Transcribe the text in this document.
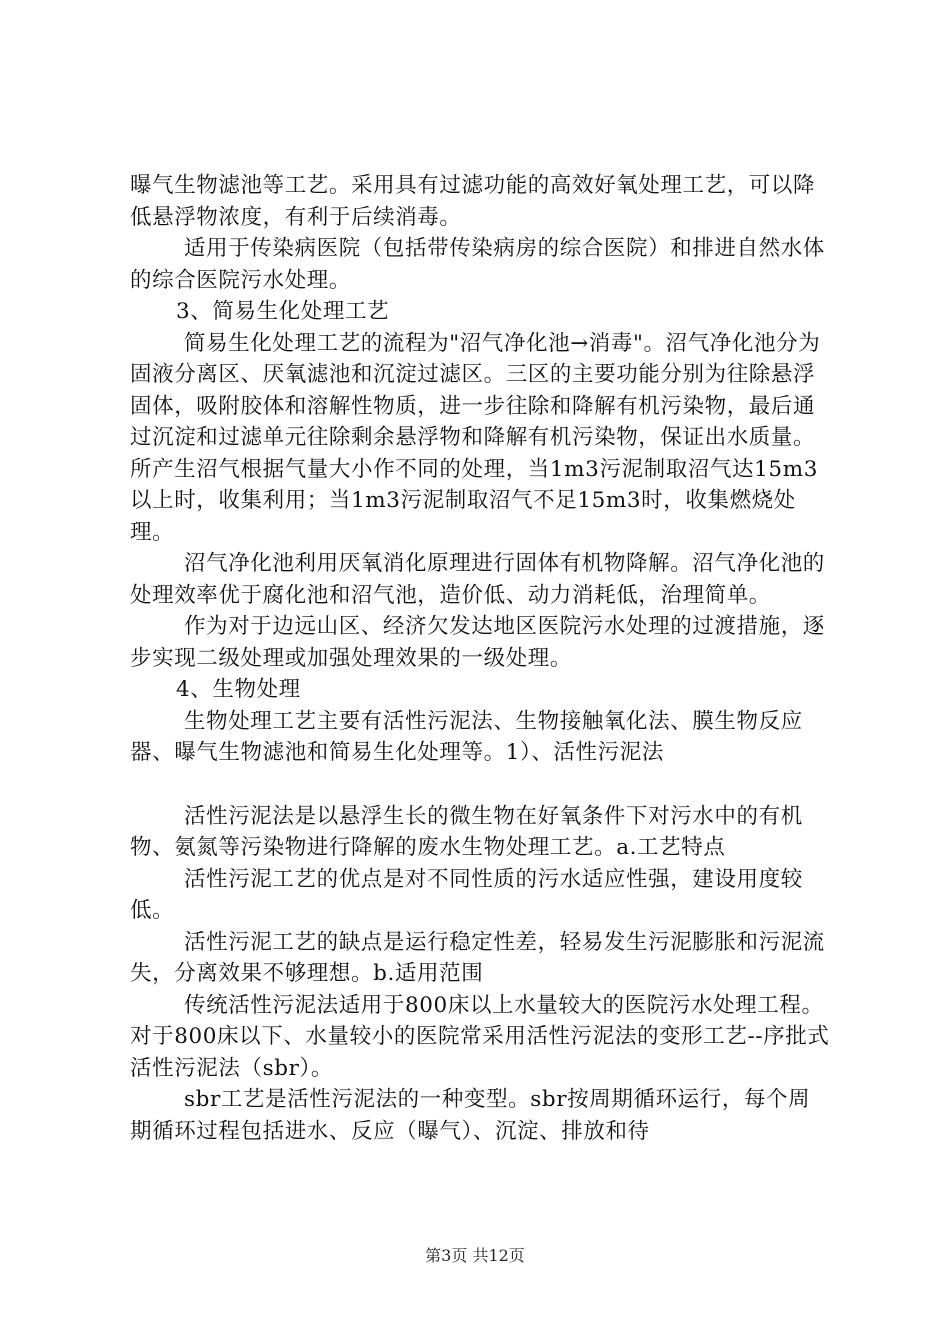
曝气生物滤池等工艺。采用具有过滤功能的高效好氧处理工艺，可以降低悬浮物浓度，有利于后续消毒。

适用于传染病医院（包括带传染病房的综合医院）和排进自然水体的综合医院污水处理。

3、简易生化处理工艺

简易生化处理工艺的流程为"沼气净化池→消毒"。沼气净化池分为固液分离区、厌氧滤池和沉淀过滤区。三区的主要功能分别为往除悬浮固体，吸附胶体和溶解性物质，进一步往除和降解有机污染物，最后通过沉淀和过滤单元往除剩余悬浮物和降解有机污染物，保证出水质量。所产生沼气根据气量大小作不同的处理，当1m3污泥制取沼气达15m3以上时，收集利用；当1m3污泥制取沼气不足15m3时，收集燃烧处理。

沼气净化池利用厌氧消化原理进行固体有机物降解。沼气净化池的处理效率优于腐化池和沼气池，造价低、动力消耗低，治理简单。

作为对于边远山区、经济欠发达地区医院污水处理的过渡措施，逐步实现二级处理或加强处理效果的一级处理。

4、生物处理

生物处理工艺主要有活性污泥法、生物接触氧化法、膜生物反应器、曝气生物滤池和简易生化处理等。1）、活性污泥法

活性污泥法是以悬浮生长的微生物在好氧条件下对污水中的有机物、氨氮等污染物进行降解的废水生物处理工艺。a.工艺特点

活性污泥工艺的优点是对不同性质的污水适应性强，建设用度较低。

活性污泥工艺的缺点是运行稳定性差，轻易发生污泥膨胀和污泥流失，分离效果不够理想。b.适用范围

传统活性污泥法适用于800床以上水量较大的医院污水处理工程。对于800床以下、水量较小的医院常采用活性污泥法的变形工艺--序批式活性污泥法（sbr）。

sbr工艺是活性污泥法的一种变型。sbr按周期循环运行，每个周期循环过程包括进水、反应（曝气）、沉淀、排放和待

第3页 共12页
